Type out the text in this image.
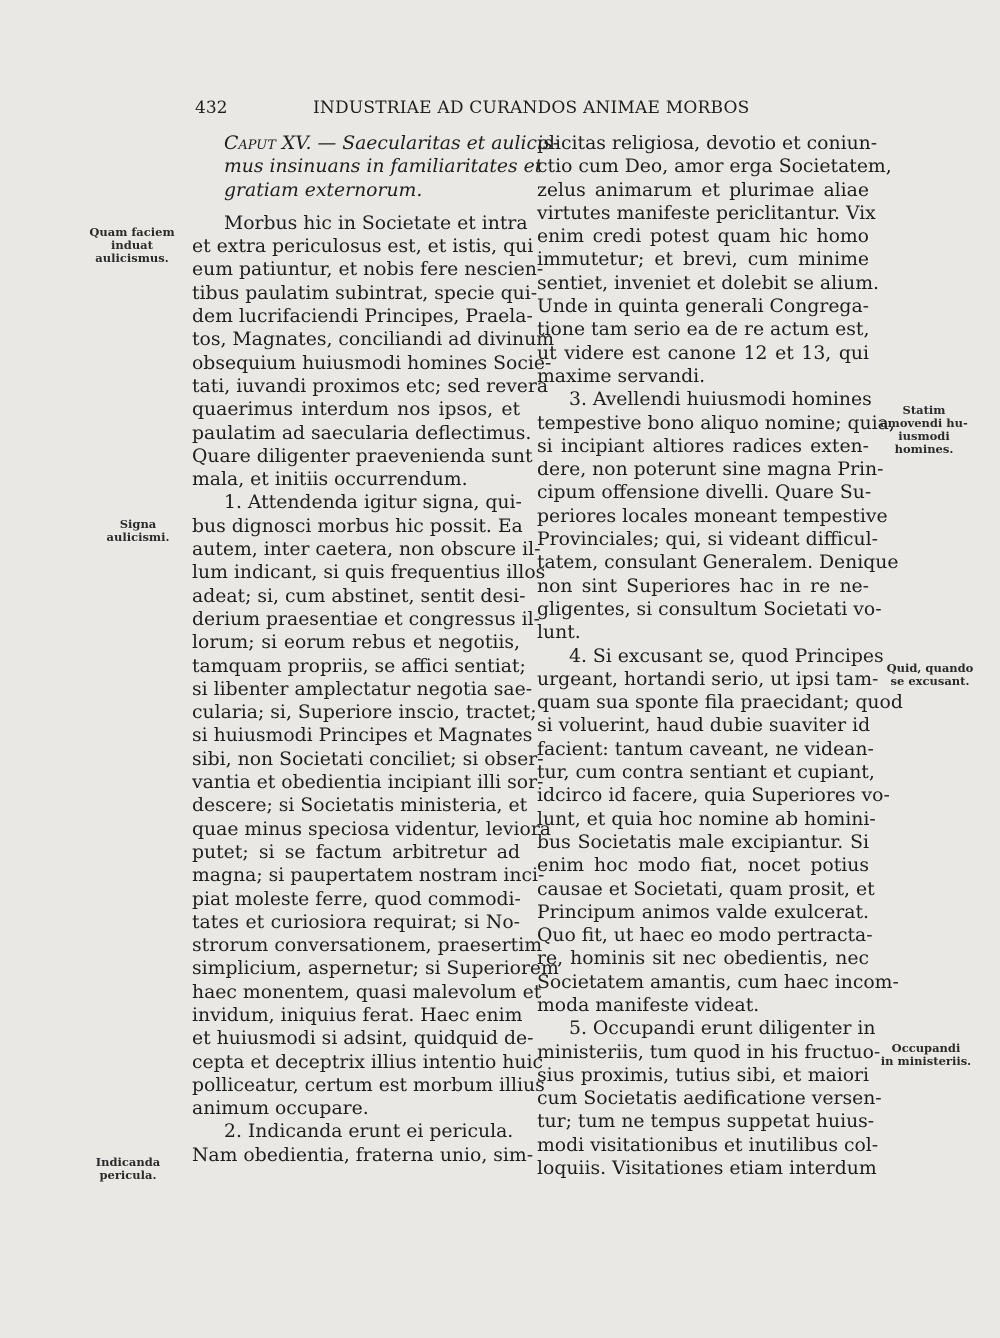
432	INDUSTRIAE AD CURANDOS ANIMAE MORBOS
Quam faciem
induat
aulicismus.
Signa
aulicismi.
Indicanda
pericula.
Statim
amovendi hu-
iusmodi
homines.
Quid, quando
se excusant.
Occupandi
in ministeriis.
Caput XV. — Saecularitas et aulicis-
mus insinuans in familiaritates et
gratiam externorum.
Morbus hic in Societate et intra
et extra periculosus est, et istis, qui
eum patiuntur, et nobis fere nescien-
tibus paulatim subintrat, specie qui-
dem lucrifaciendi Principes, Praela-
tos, Magnates, conciliandi ad divinum
obsequium huiusmodi homines Socie-
tati, iuvandi proximos etc; sed revera
quaerimus interdum nos ipsos, et
paulatim ad saecularia deflectimus.
Quare diligenter praevenienda sunt
mala, et initiis occurrendum.
1. Attendenda igitur signa, qui-
bus dignosci morbus hic possit. Ea
autem, inter caetera, non obscure il-
lum indicant, si quis frequentius illos
adeat; si, cum abstinet, sentit desi-
derium praesentiae et congressus il-
lorum; si eorum rebus et negotiis,
tamquam propriis, se affici sentiat;
si libenter amplectatur negotia sae-
cularia; si, Superiore inscio, tractet;
si huiusmodi Principes et Magnates
sibi, non Societati conciliet; si obser-
vantia et obedientia incipiant illi sor-
descere; si Societatis ministeria, et
quae minus speciosa videntur, leviora
putet; si se factum arbitretur ad
magna; si paupertatem nostram inci-
piat moleste ferre, quod commodi-
tates et curiosiora requirat; si No-
strorum conversationem, praesertim
simplicium, aspernetur; si Superiorem
haec monentem, quasi malevolum et
invidum, iniquius ferat. Haec enim
et huiusmodi si adsint, quidquid de-
cepta et deceptrix illius intentio huic
polliceatur, certum est morbum illius
animum occupare.
2. Indicanda erunt ei pericula.
Nam obedientia, fraterna unio, sim-
plicitas religiosa, devotio et coniun-
ctio cum Deo, amor erga Societatem,
zelus animarum et plurimae aliae
virtutes manifeste periclitantur. Vix
enim credi potest quam hic homo
immutetur; et brevi, cum minime
sentiet, inveniet et dolebit se alium.
Unde in quinta generali Congrega-
tione tam serio ea de re actum est,
ut videre est canone 12 et 13, qui
maxime servandi.
3. Avellendi huiusmodi homines
tempestive bono aliquo nomine; quia,
si incipiant altiores radices exten-
dere, non poterunt sine magna Prin-
cipum offensione divelli. Quare Su-
periores locales moneant tempestive
Provinciales; qui, si videant difficul-
tatem, consulant Generalem. Denique
non sint Superiores hac in re ne-
gligentes, si consultum Societati vo-
lunt.
4. Si excusant se, quod Principes
urgeant, hortandi serio, ut ipsi tam-
quam sua sponte fila praecidant; quod
si voluerint, haud dubie suaviter id
facient: tantum caveant, ne videan-
tur, cum contra sentiant et cupiant,
idcirco id facere, quia Superiores vo-
lunt, et quia hoc nomine ab homini-
bus Societatis male excipiantur. Si
enim hoc modo fiat, nocet potius
causae et Societati, quam prosit, et
Principum animos valde exulcerat.
Quo fit, ut haec eo modo pertracta-
re, hominis sit nec obedientis, nec
Societatem amantis, cum haec incom-
moda manifeste videat.
5. Occupandi erunt diligenter in
ministeriis, tum quod in his fructuo-
sius proximis, tutius sibi, et maiori
cum Societatis aedificatione versen-
tur; tum ne tempus suppetat huius-
modi visitationibus et inutilibus col-
loquiis. Visitationes etiam interdum
